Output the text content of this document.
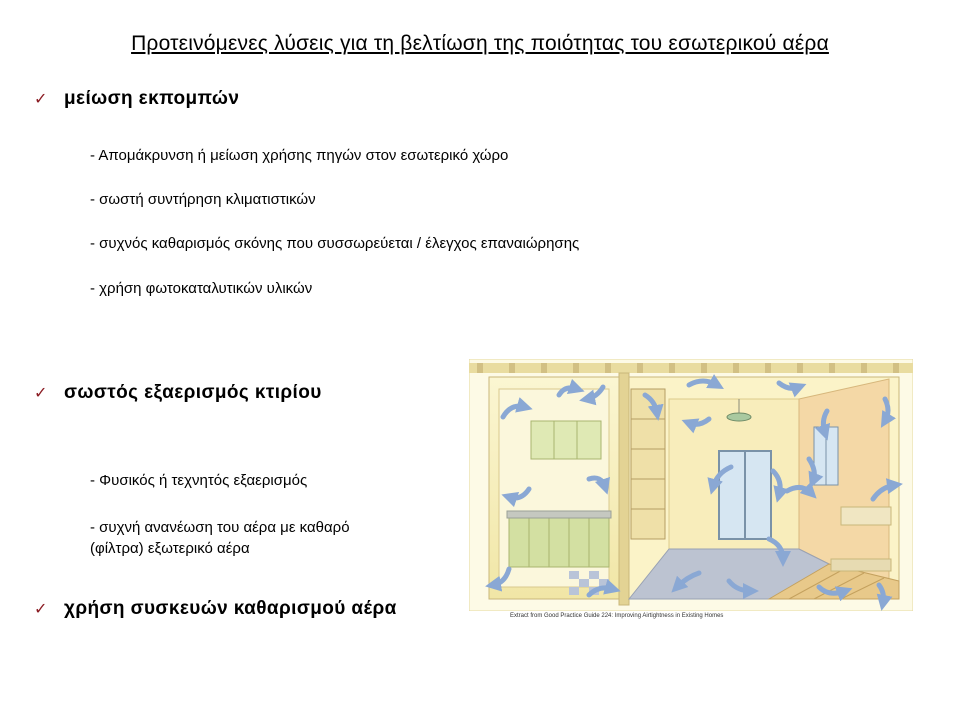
Προτεινόμενες λύσεις για τη βελτίωση της ποιότητας του εσωτερικού αέρα
✓ μείωση εκπομπών
- Απομάκρυνση ή μείωση χρήσης πηγών στον εσωτερικό χώρο
- σωστή συντήρηση κλιματιστικών
- συχνός καθαρισμός σκόνης που συσσωρεύεται / έλεγχος επαναιώρησης
- χρήση φωτοκαταλυτικών υλικών
✓ σωστός εξαερισμός κτιρίου
- Φυσικός ή τεχνητός εξαερισμός
- συχνή ανανέωση του αέρα με καθαρό
(φίλτρα) εξωτερικό αέρα
✓ χρήση συσκευών καθαρισμού αέρα	Extract from Good Practice Guide 224: Improving Airtightness in Existing Homes
